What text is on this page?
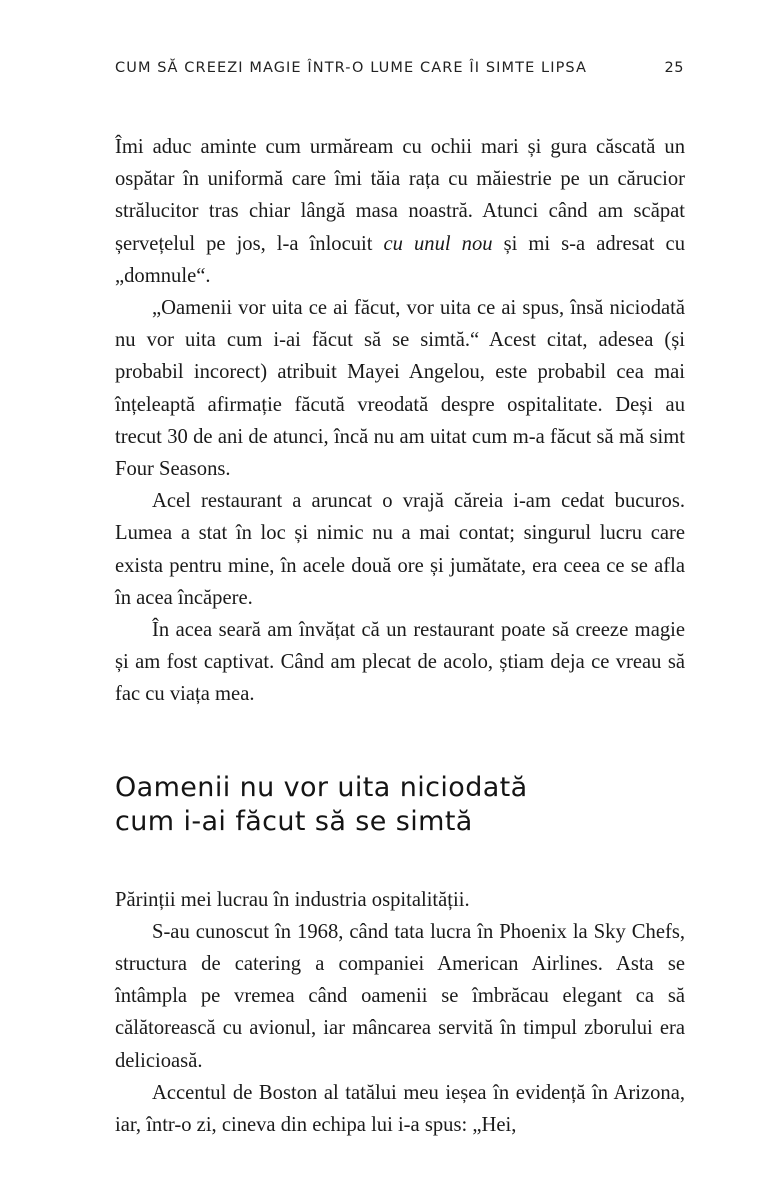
CUM SĂ CREEZI MAGIE ÎNTR-O LUME CARE ÎI SIMTE LIPSA	25

Îmi aduc aminte cum urmăream cu ochii mari și gura căscată un ospătar în uniformă care îmi tăia rața cu măiestrie pe un cărucior strălucitor tras chiar lângă masa noastră. Atunci când am scăpat șervețelul pe jos, l-a înlocuit cu unul nou și mi s-a adresat cu „domnule“.

„Oamenii vor uita ce ai făcut, vor uita ce ai spus, însă niciodată nu vor uita cum i-ai făcut să se simtă.“ Acest citat, adesea (și probabil incorect) atribuit Mayei Angelou, este probabil cea mai înțeleaptă afirmație făcută vreodată despre ospitalitate. Deși au trecut 30 de ani de atunci, încă nu am uitat cum m-a făcut să mă simt Four Seasons.

Acel restaurant a aruncat o vrajă căreia i-am cedat bucuros. Lumea a stat în loc și nimic nu a mai contat; singurul lucru care exista pentru mine, în acele două ore și jumătate, era ceea ce se afla în acea încăpere.

În acea seară am învățat că un restaurant poate să creeze magie și am fost captivat. Când am plecat de acolo, știam deja ce vreau să fac cu viața mea.

Oamenii nu vor uita niciodată
cum i-ai făcut să se simtă

Părinții mei lucrau în industria ospitalității.

S-au cunoscut în 1968, când tata lucra în Phoenix la Sky Chefs, structura de catering a companiei American Airlines. Asta se întâmpla pe vremea când oamenii se îmbrăcau elegant ca să călătorească cu avionul, iar mâncarea servită în timpul zborului era delicioasă.

Accentul de Boston al tatălui meu ieșea în evidență în Arizona, iar, într-o zi, cineva din echipa lui i-a spus: „Hei,
